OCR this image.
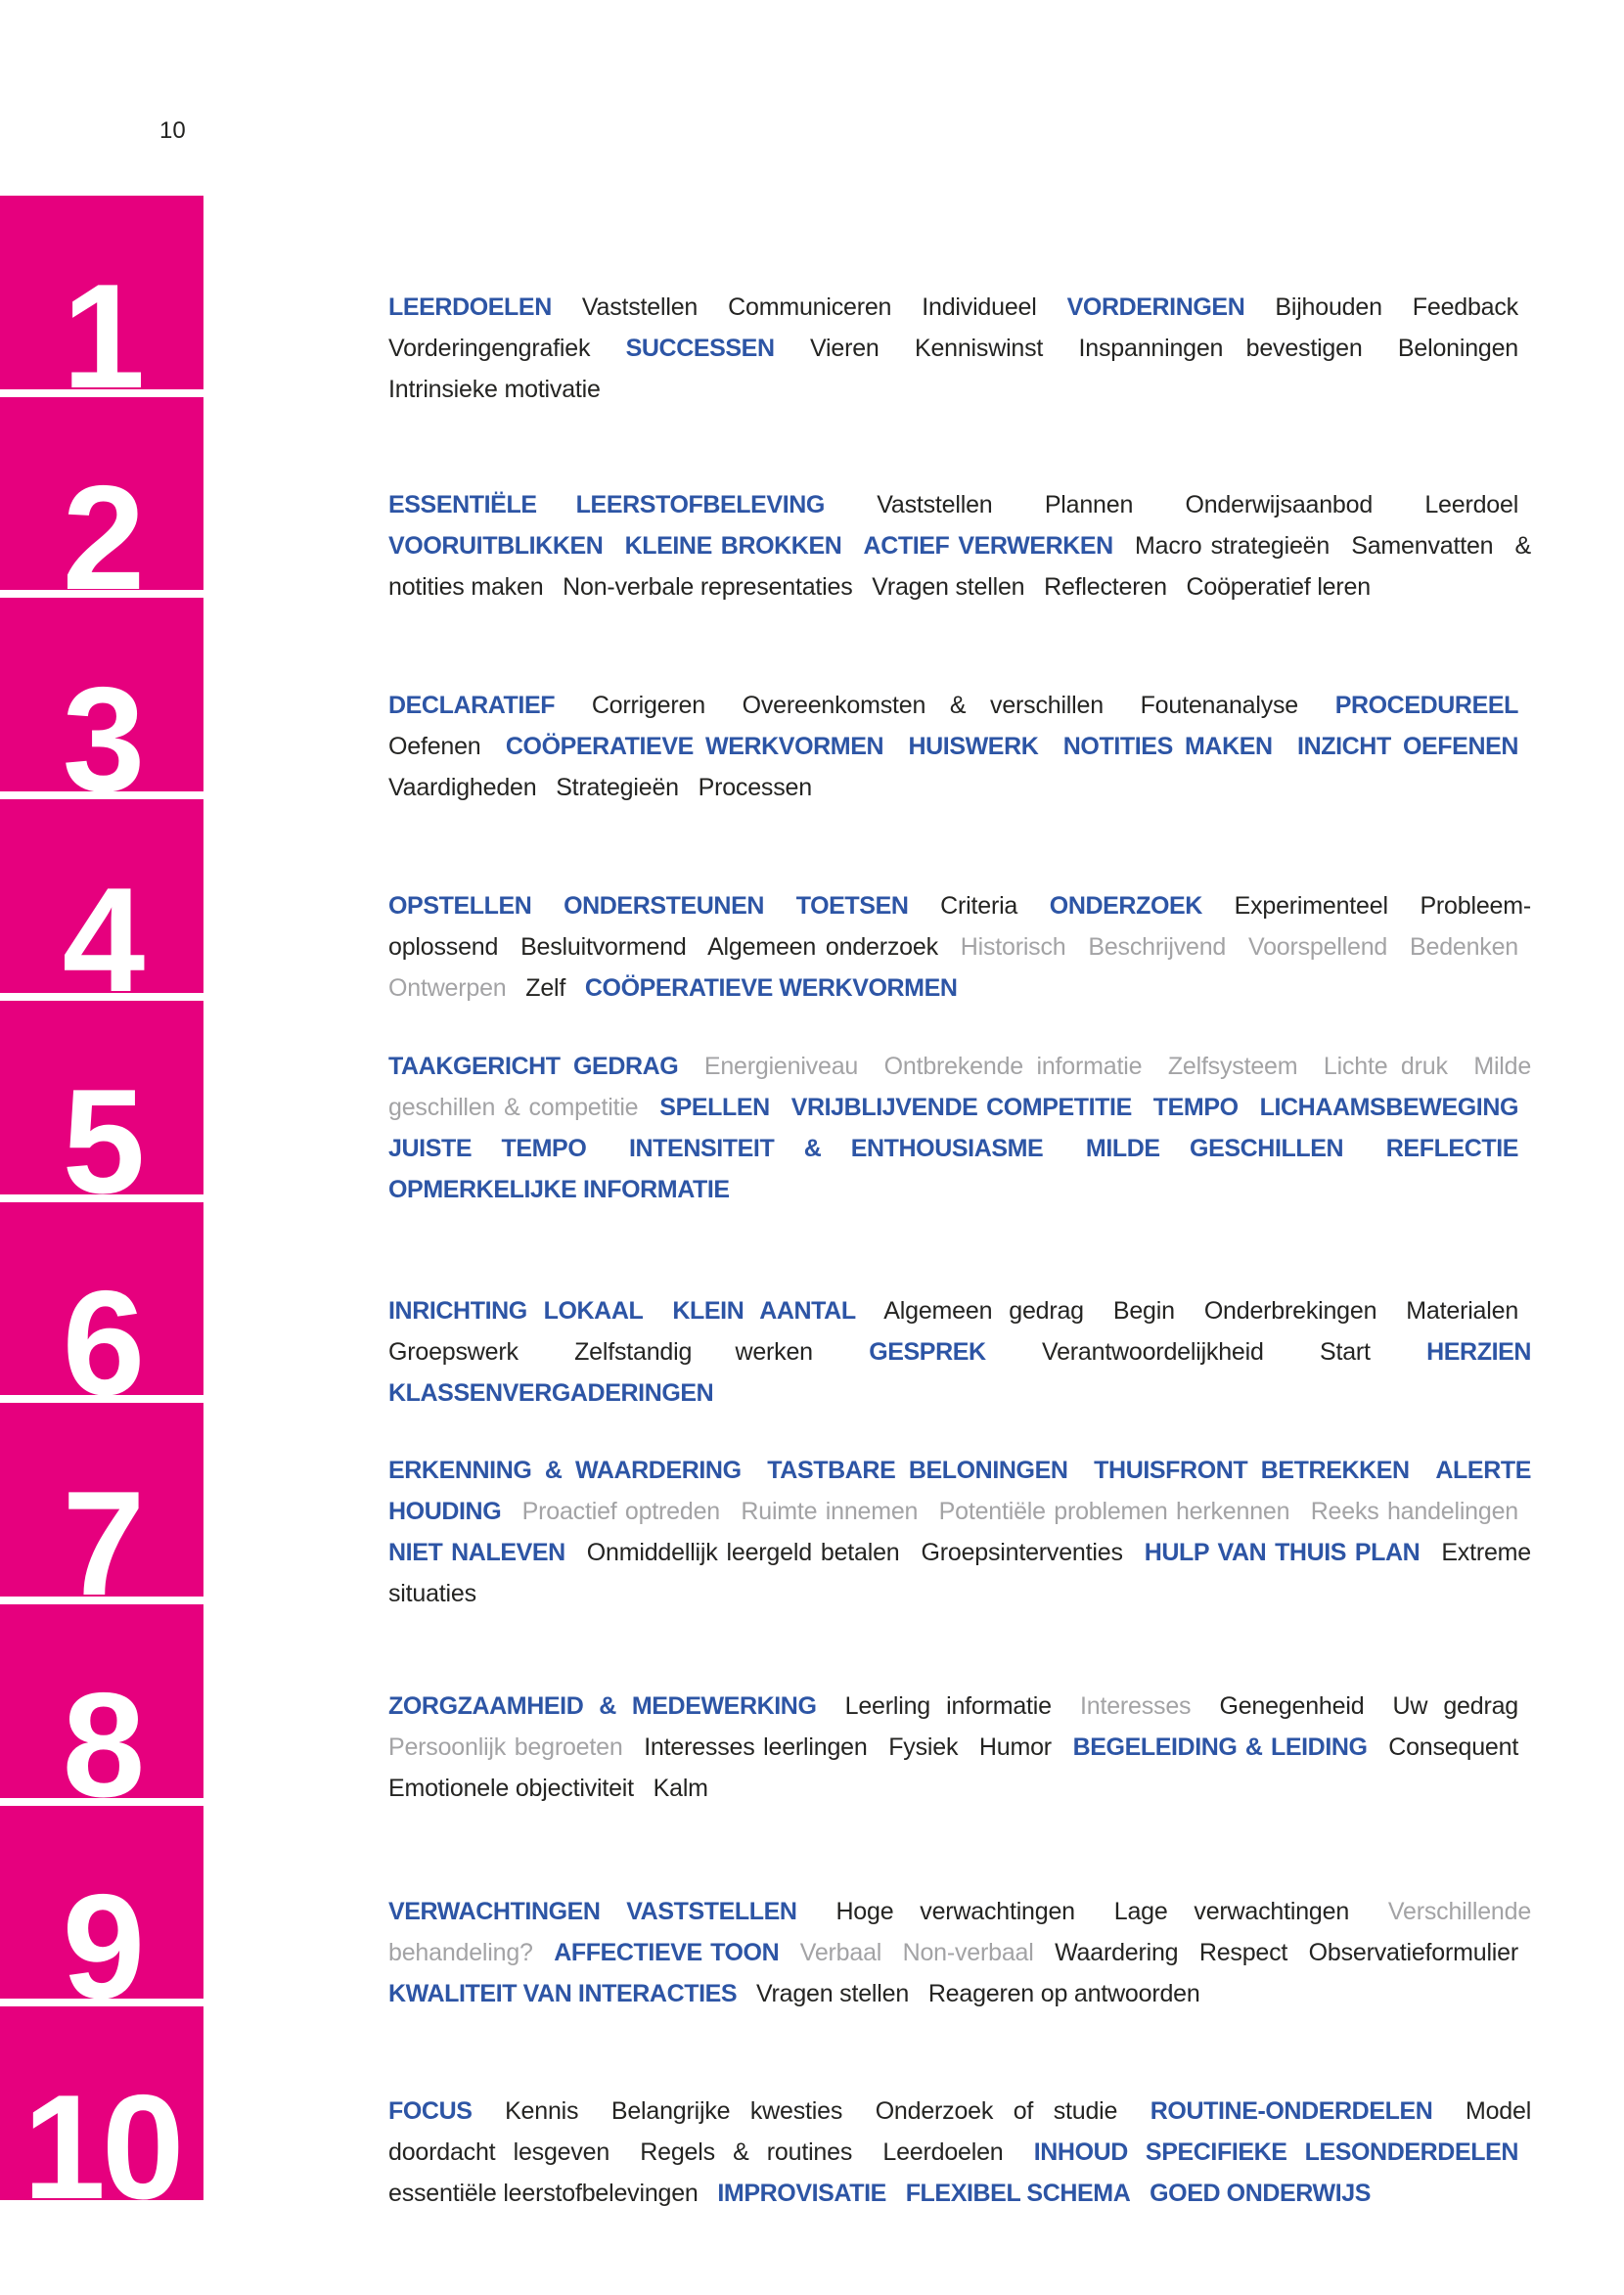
10
1
2
3
4
5
6
7
8
9
10
LEERDOELEN Vaststellen Communiceren Individueel VORDERINGEN Bijhouden Feedback Vorderingengrafiek SUCCESSEN Vieren Kenniswinst Inspanningen bevestigen Beloningen Intrinsieke motivatie
ESSENTIËLE LEERSTOFBELEVING Vaststellen Plannen Onderwijsaanbod Leerdoel VOORUITBLIKKEN KLEINE BROKKEN ACTIEF VERWERKEN Macro strategieën Samenvatten & notities maken Non-verbale representaties Vragen stellen Reflecteren Coöperatief leren
DECLARATIEF Corrigeren Overeenkomsten & verschillen Foutenanalyse PROCEDUREEL Oefenen COÖPERATIEVE WERKVORMEN HUISWERK NOTITIES MAKEN INZICHT OEFENEN Vaardigheden Strategieën Processen
OPSTELLEN ONDERSTEUNEN TOETSEN Criteria ONDERZOEK Experimenteel Probleem-oplossend Besluitvormend Algemeen onderzoek Historisch Beschrijvend Voorspellend Bedenken Ontwerpen Zelf COÖPERATIEVE WERKVORMEN
TAAKGERICHT GEDRAG Energieniveau Ontbrekende informatie Zelfsysteem Lichte druk Milde geschillen & competitie SPELLEN VRIJBLIJVENDE COMPETITIE TEMPO LICHAAMSBEWEGING JUISTE TEMPO INTENSITEIT & ENTHOUSIASME MILDE GESCHILLEN REFLECTIE OPMERKELIJKE INFORMATIE
INRICHTING LOKAAL KLEIN AANTAL Algemeen gedrag Begin Onderbrekingen Materialen Groepswerk Zelfstandig werken GESPREK Verantwoordelijkheid Start HERZIEN KLASSENVERGADERINGEN
ERKENNING & WAARDERING TASTBARE BELONINGEN THUISFRONT BETREKKEN ALERTE HOUDING Proactief optreden Ruimte innemen Potentiële problemen herkennen Reeks handelingen NIET NALEVEN Onmiddellijk leergeld betalen Groepsinterventies HULP VAN THUIS PLAN Extreme situaties
ZORGZAAMHEID & MEDEWERKING Leerling informatie Interesses Genegenheid Uw gedrag Persoonlijk begroeten Interesses leerlingen Fysiek Humor BEGELEIDING & LEIDING Consequent Emotionele objectiviteit Kalm
VERWACHTINGEN VASTSTELLEN Hoge verwachtingen Lage verwachtingen Verschillende behandeling? AFFECTIEVE TOON Verbaal Non-verbaal Waardering Respect Observatieformulier KWALITEIT VAN INTERACTIES Vragen stellen Reageren op antwoorden
FOCUS Kennis Belangrijke kwesties Onderzoek of studie ROUTINE-ONDERDELEN Model doordacht lesgeven Regels & routines Leerdoelen INHOUD SPECIFIEKE LESONDERDELEN essentiële leerstofbelevingen IMPROVISATIE FLEXIBEL SCHEMA GOED ONDERWIJS
